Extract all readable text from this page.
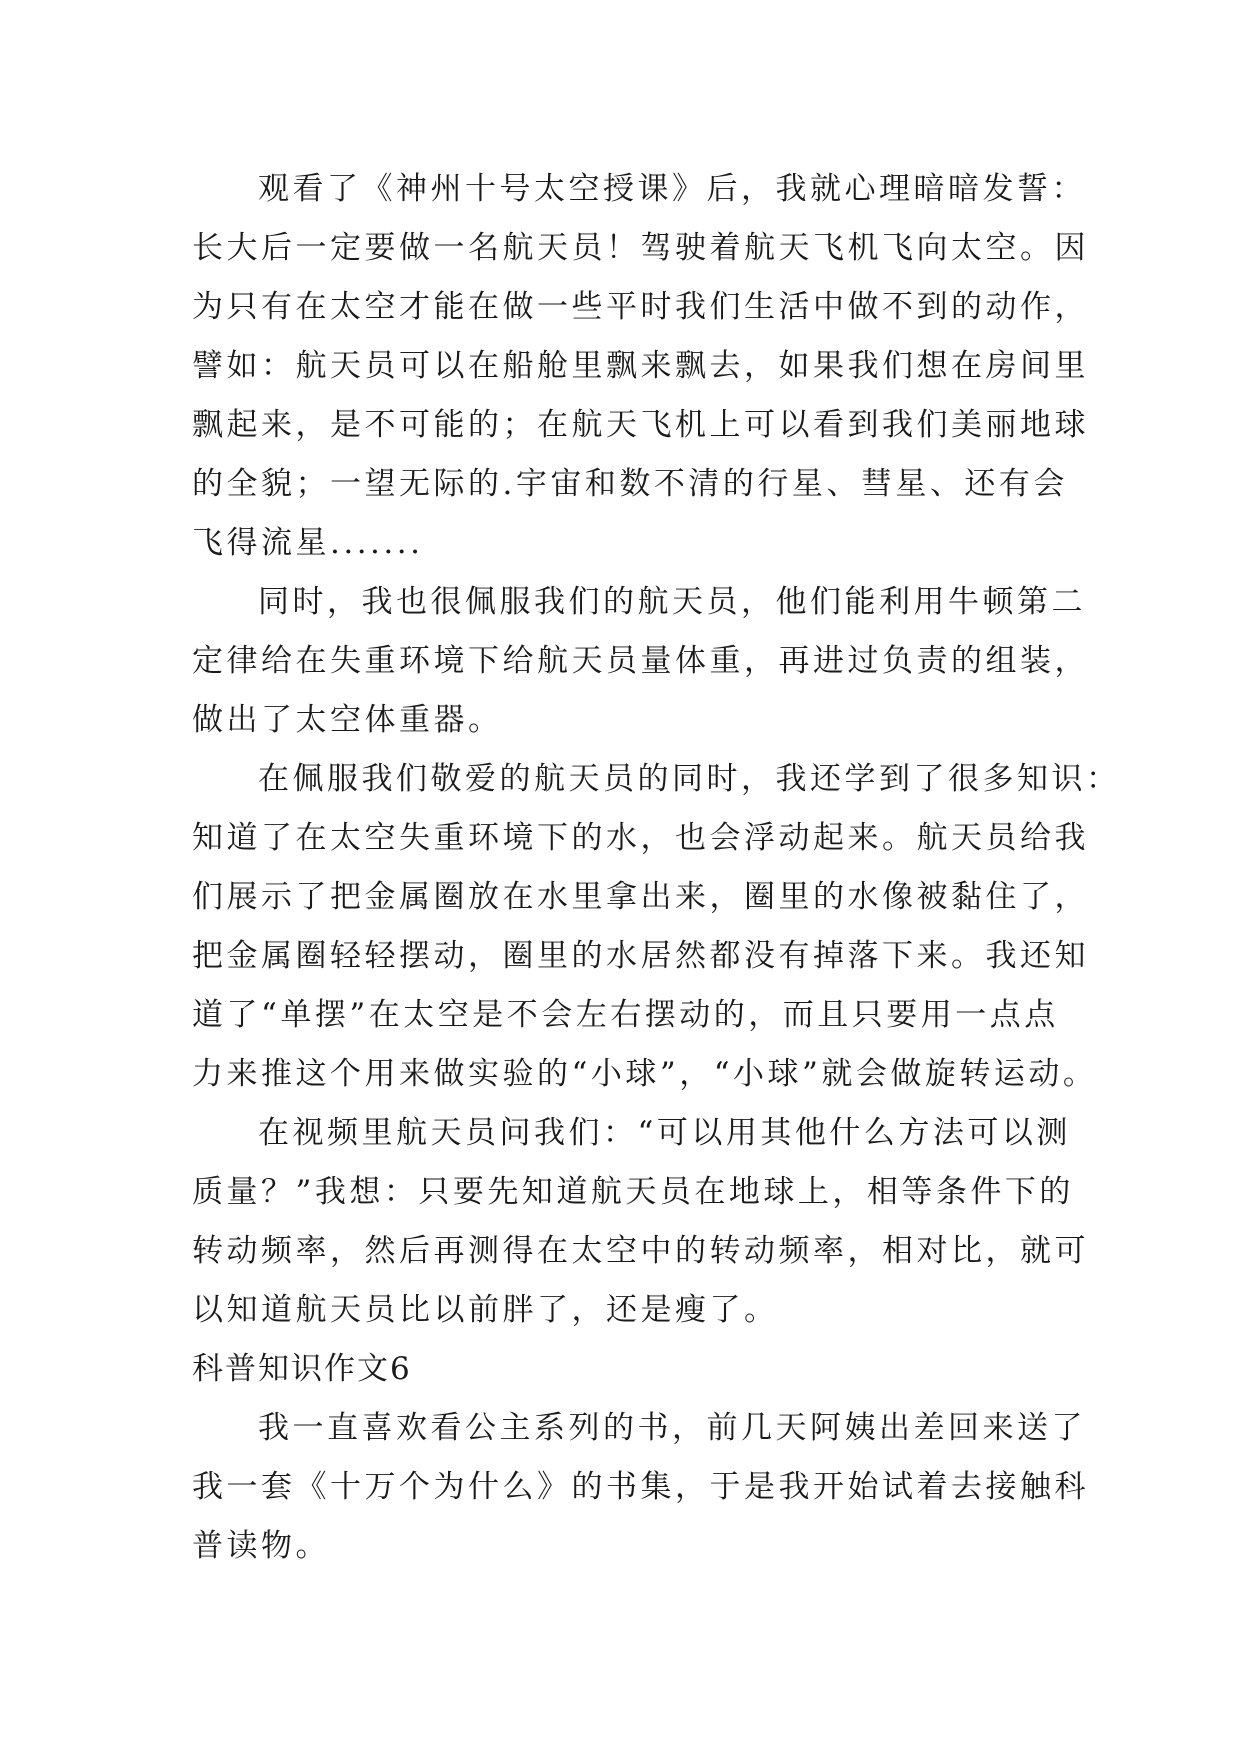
观看了《神州十号太空授课》后，我就心理暗暗发誓：
长大后一定要做一名航天员！驾驶着航天飞机飞向太空。因
为只有在太空才能在做一些平时我们生活中做不到的动作，
譬如：航天员可以在船舱里飘来飘去，如果我们想在房间里
飘起来，是不可能的；在航天飞机上可以看到我们美丽地球
的全貌；一望无际的.宇宙和数不清的行星、彗星、还有会
飞得流星.......
同时，我也很佩服我们的航天员，他们能利用牛顿第二
定律给在失重环境下给航天员量体重，再进过负责的组装，
做出了太空体重器。
在佩服我们敬爱的航天员的同时，我还学到了很多知识：
知道了在太空失重环境下的水，也会浮动起来。航天员给我
们展示了把金属圈放在水里拿出来，圈里的水像被黏住了，
把金属圈轻轻摆动，圈里的水居然都没有掉落下来。我还知
道了“单摆”在太空是不会左右摆动的，而且只要用一点点
力来推这个用来做实验的“小球”，“小球”就会做旋转运动。
在视频里航天员问我们：“可以用其他什么方法可以测
质量？”我想：只要先知道航天员在地球上，相等条件下的
转动频率，然后再测得在太空中的转动频率，相对比，就可
以知道航天员比以前胖了，还是瘦了。
科普知识作文6
我一直喜欢看公主系列的书，前几天阿姨出差回来送了
我一套《十万个为什么》的书集，于是我开始试着去接触科
普读物。
